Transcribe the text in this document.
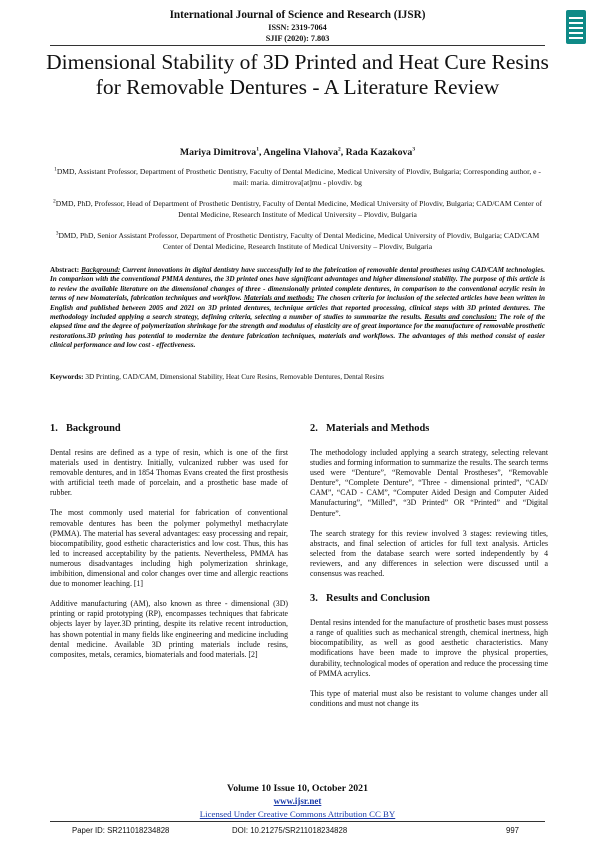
International Journal of Science and Research (IJSR)
ISSN: 2319-7064
SJIF (2020): 7.803
Dimensional Stability of 3D Printed and Heat Cure Resins for Removable Dentures - A Literature Review
Mariya Dimitrova$^1$, Angelina Vlahova$^2$, Rada Kazakova$^3$
$^1$DMD, Assistant Professor, Department of Prosthetic Dentistry, Faculty of Dental Medicine, Medical University of Plovdiv, Bulgaria; Corresponding author, e - mail: maria. dimitrova[at]mu - plovdiv. bg
$^2$DMD, PhD, Professor, Head of Department of Prosthetic Dentistry, Faculty of Dental Medicine, Medical University of Plovdiv, Bulgaria; CAD/CAM Center of Dental Medicine, Research Institute of Medical University – Plovdiv, Bulgaria
$^3$DMD, PhD, Senior Assistant Professor, Department of Prosthetic Dentistry, Faculty of Dental Medicine, Medical University of Plovdiv, Bulgaria; CAD/CAM Center of Dental Medicine, Research Institute of Medical University – Plovdiv, Bulgaria
Abstract: Background: Current innovations in digital dentistry have successfully led to the fabrication of removable dental prostheses using CAD/CAM technologies. In comparison with the conventional PMMA dentures, the 3D printed ones have significant advantages and higher dimensional stability. The purpose of this article is to review the available literature on the dimensional changes of three - dimensionally printed complete dentures, in comparison to the conventional acrylic resin in terms of new biomaterials, fabrication techniques and workflow. Materials and methods: The chosen criteria for inclusion of the selected articles have been written in English and published between 2005 and 2021 on 3D printed dentures, technique articles that reported processing, clinical steps with 3D printed dentures. The methodology included applying a search strategy, defining criteria, selecting a number of studies to summarize the results. Results and conclusion: The role of the elapsed time and the degree of polymerization shrinkage for the strength and modulus of elasticity are of great importance for the manufacture of removable prosthetic restorations.3D printing has potential to modernize the denture fabrication techniques, materials and workflows. The advantages of this method consist of easier clinical performance and low cost - effectiveness.
Keywords: 3D Printing, CAD/CAM, Dimensional Stability, Heat Cure Resins, Removable Dentures, Dental Resins
1. Background

Dental resins are defined as a type of resin, which is one of the first materials used in dentistry. Initially, vulcanized rubber was used for removable dentures, and in 1854 Thomas Evans created the first prosthesis with artificial teeth made of porcelain, and a prosthetic base made of rubber.

The most commonly used material for fabrication of conventional removable dentures has been the polymer polymethyl methacrylate (PMMA). The material has several advantages: easy processing and repair, biocompatibility, good esthetic characteristics and low cost. Thus, this has led to increased acceptability by the patients. Nevertheless, PMMA has numerous disadvantages including high polymerization shrinkage, imbibition, dimensional and color changes over time and allergic reactions due to monomer leaching. [1]

Additive manufacturing (AM), also known as three - dimensional (3D) printing or rapid prototyping (RP), encompasses techniques that fabricate objects layer by layer.3D printing, despite its relative recent introduction, has shown potential in many fields like engineering and medicine including dental medicine. Available 3D printing materials include resins, composites, metals, ceramics, biomaterials and food materials. [2]

2. Materials and Methods

The methodology included applying a search strategy, selecting relevant studies and forming information to summarize the results. The search terms used were “Denture”, “Removable Dental Prostheses”, “Removable Denture”, “Complete Denture”, “Three - dimensional printed”, “CAD/ CAM”, “CAD - CAM”, “Computer Aided Design and Computer Aided Manufacturing”, “Milled”, “3D Printed” OR “Printed” and “Digital Denture”.

The search strategy for this review involved 3 stages: reviewing titles, abstracts, and final selection of articles for full text analysis. Articles selected from the database search were sorted independently by 4 reviewers, and any differences in selection were discussed until a consensus was reached.

3. Results and Conclusion

Dental resins intended for the manufacture of prosthetic bases must possess a range of qualities such as mechanical strength, chemical inertness, high biocompatibility, as well as good aesthetic characteristics. Many modifications have been made to improve the physical properties, durability, technological modes of operation and reduce the processing time of PMMA acrylics.

This type of material must also be resistant to volume changes under all conditions and must not change its

Volume 10 Issue 10, October 2021
www.ijsr.net
Licensed Under Creative Commons Attribution CC BY
Paper ID: SR211018234828	DOI: 10.21275/SR211018234828	997
